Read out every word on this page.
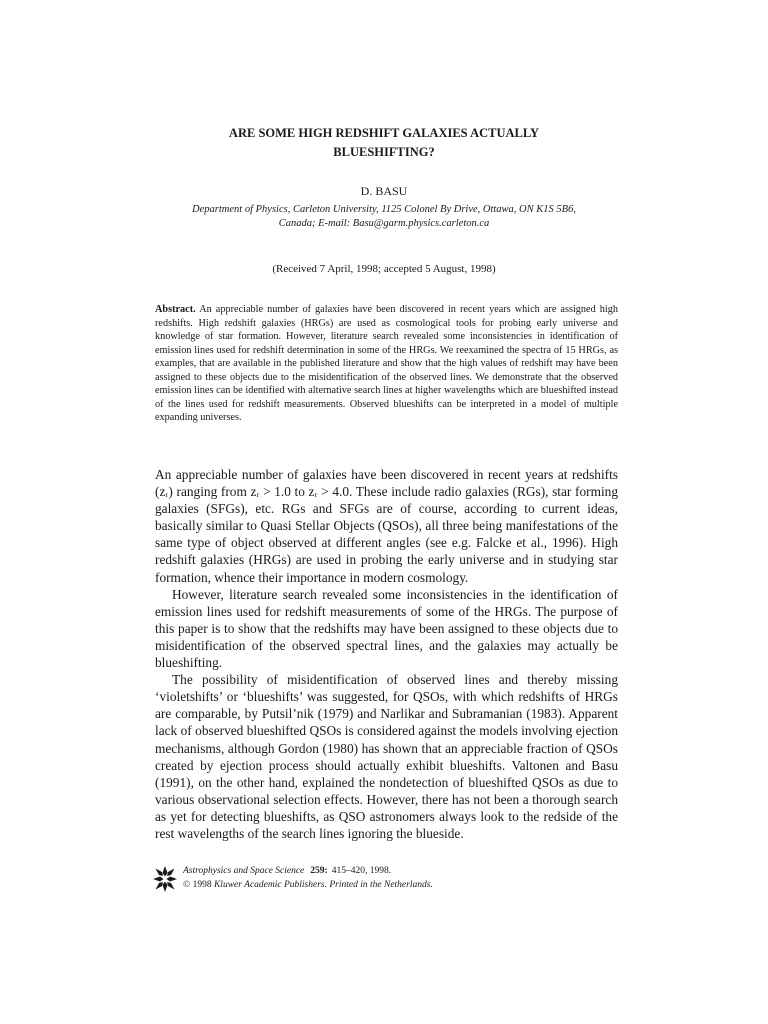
ARE SOME HIGH REDSHIFT GALAXIES ACTUALLY
BLUESHIFTING?
D. BASU
Department of Physics, Carleton University, 1125 Colonel By Drive, Ottawa, ON K1S 5B6,
Canada; E-mail: Basu@garm.physics.carleton.ca
(Received 7 April, 1998; accepted 5 August, 1998)
Abstract. An appreciable number of galaxies have been discovered in recent years which are assigned high redshifts. High redshift galaxies (HRGs) are used as cosmological tools for probing early universe and knowledge of star formation. However, literature search revealed some inconsistencies in identification of emission lines used for redshift determination in some of the HRGs. We reexamined the spectra of 15 HRGs, as examples, that are available in the published literature and show that the high values of redshift may have been assigned to these objects due to the misidentification of the observed lines. We demonstrate that the observed emission lines can be identified with alternative search lines at higher wavelengths which are blueshifted instead of the lines used for redshift measurements. Observed blueshifts can be interpreted in a model of multiple expanding universes.

An appreciable number of galaxies have been discovered in recent years at redshifts (zᵣ) ranging from zᵣ > 1.0 to zᵣ > 4.0. These include radio galaxies (RGs), star forming galaxies (SFGs), etc. RGs and SFGs are of course, according to current ideas, basically similar to Quasi Stellar Objects (QSOs), all three being manifestations of the same type of object observed at different angles (see e.g. Falcke et al., 1996). High redshift galaxies (HRGs) are used in probing the early universe and in studying star formation, whence their importance in modern cosmology.

However, literature search revealed some inconsistencies in the identification of emission lines used for redshift measurements of some of the HRGs. The purpose of this paper is to show that the redshifts may have been assigned to these objects due to misidentification of the observed spectral lines, and the galaxies may actually be blueshifting.

The possibility of misidentification of observed lines and thereby missing ‘violetshifts’ or ‘blueshifts’ was suggested, for QSOs, with which redshifts of HRGs are comparable, by Putsil’nik (1979) and Narlikar and Subramanian (1983). Apparent lack of observed blueshifted QSOs is considered against the models involving ejection mechanisms, although Gordon (1980) has shown that an appreciable fraction of QSOs created by ejection process should actually exhibit blueshifts. Valtonen and Basu (1991), on the other hand, explained the nondetection of blueshifted QSOs as due to various observational selection effects. However, there has not been a thorough search as yet for detecting blueshifts, as QSO astronomers always look to the redside of the rest wavelengths of the search lines ignoring the blueside.

Astrophysics and Space Science 259: 415–420, 1998.
© 1998 Kluwer Academic Publishers. Printed in the Netherlands.
